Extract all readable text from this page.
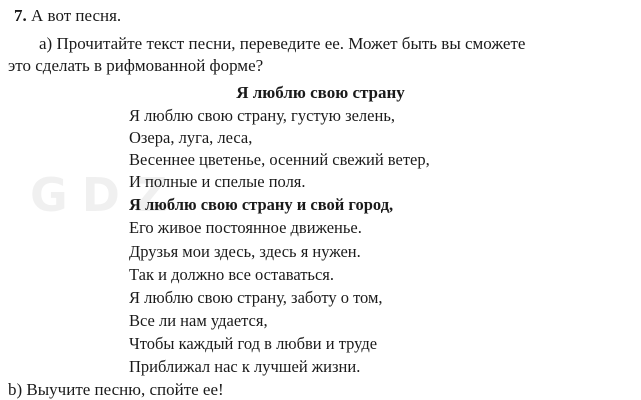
GDZ
7. А вот песня.
а) Прочитайте текст песни, переведите ее. Может быть вы сможете
это сделать в рифмованной форме?
Я люблю свою страну
Я люблю свою страну, густую зелень,
Озера, луга, леса,
Весеннее цветенье, осенний свежий ветер,
И полные и спелые поля.
Я люблю свою страну и свой город,
Его живое постоянное движенье.
Друзья мои здесь, здесь я нужен.
Так и должно все оставаться.
Я люблю свою страну, заботу о том,
Все ли нам удается,
Чтобы каждый год в любви и труде
Приближал нас к лучшей жизни.
b) Выучите песню, спойте ее!
